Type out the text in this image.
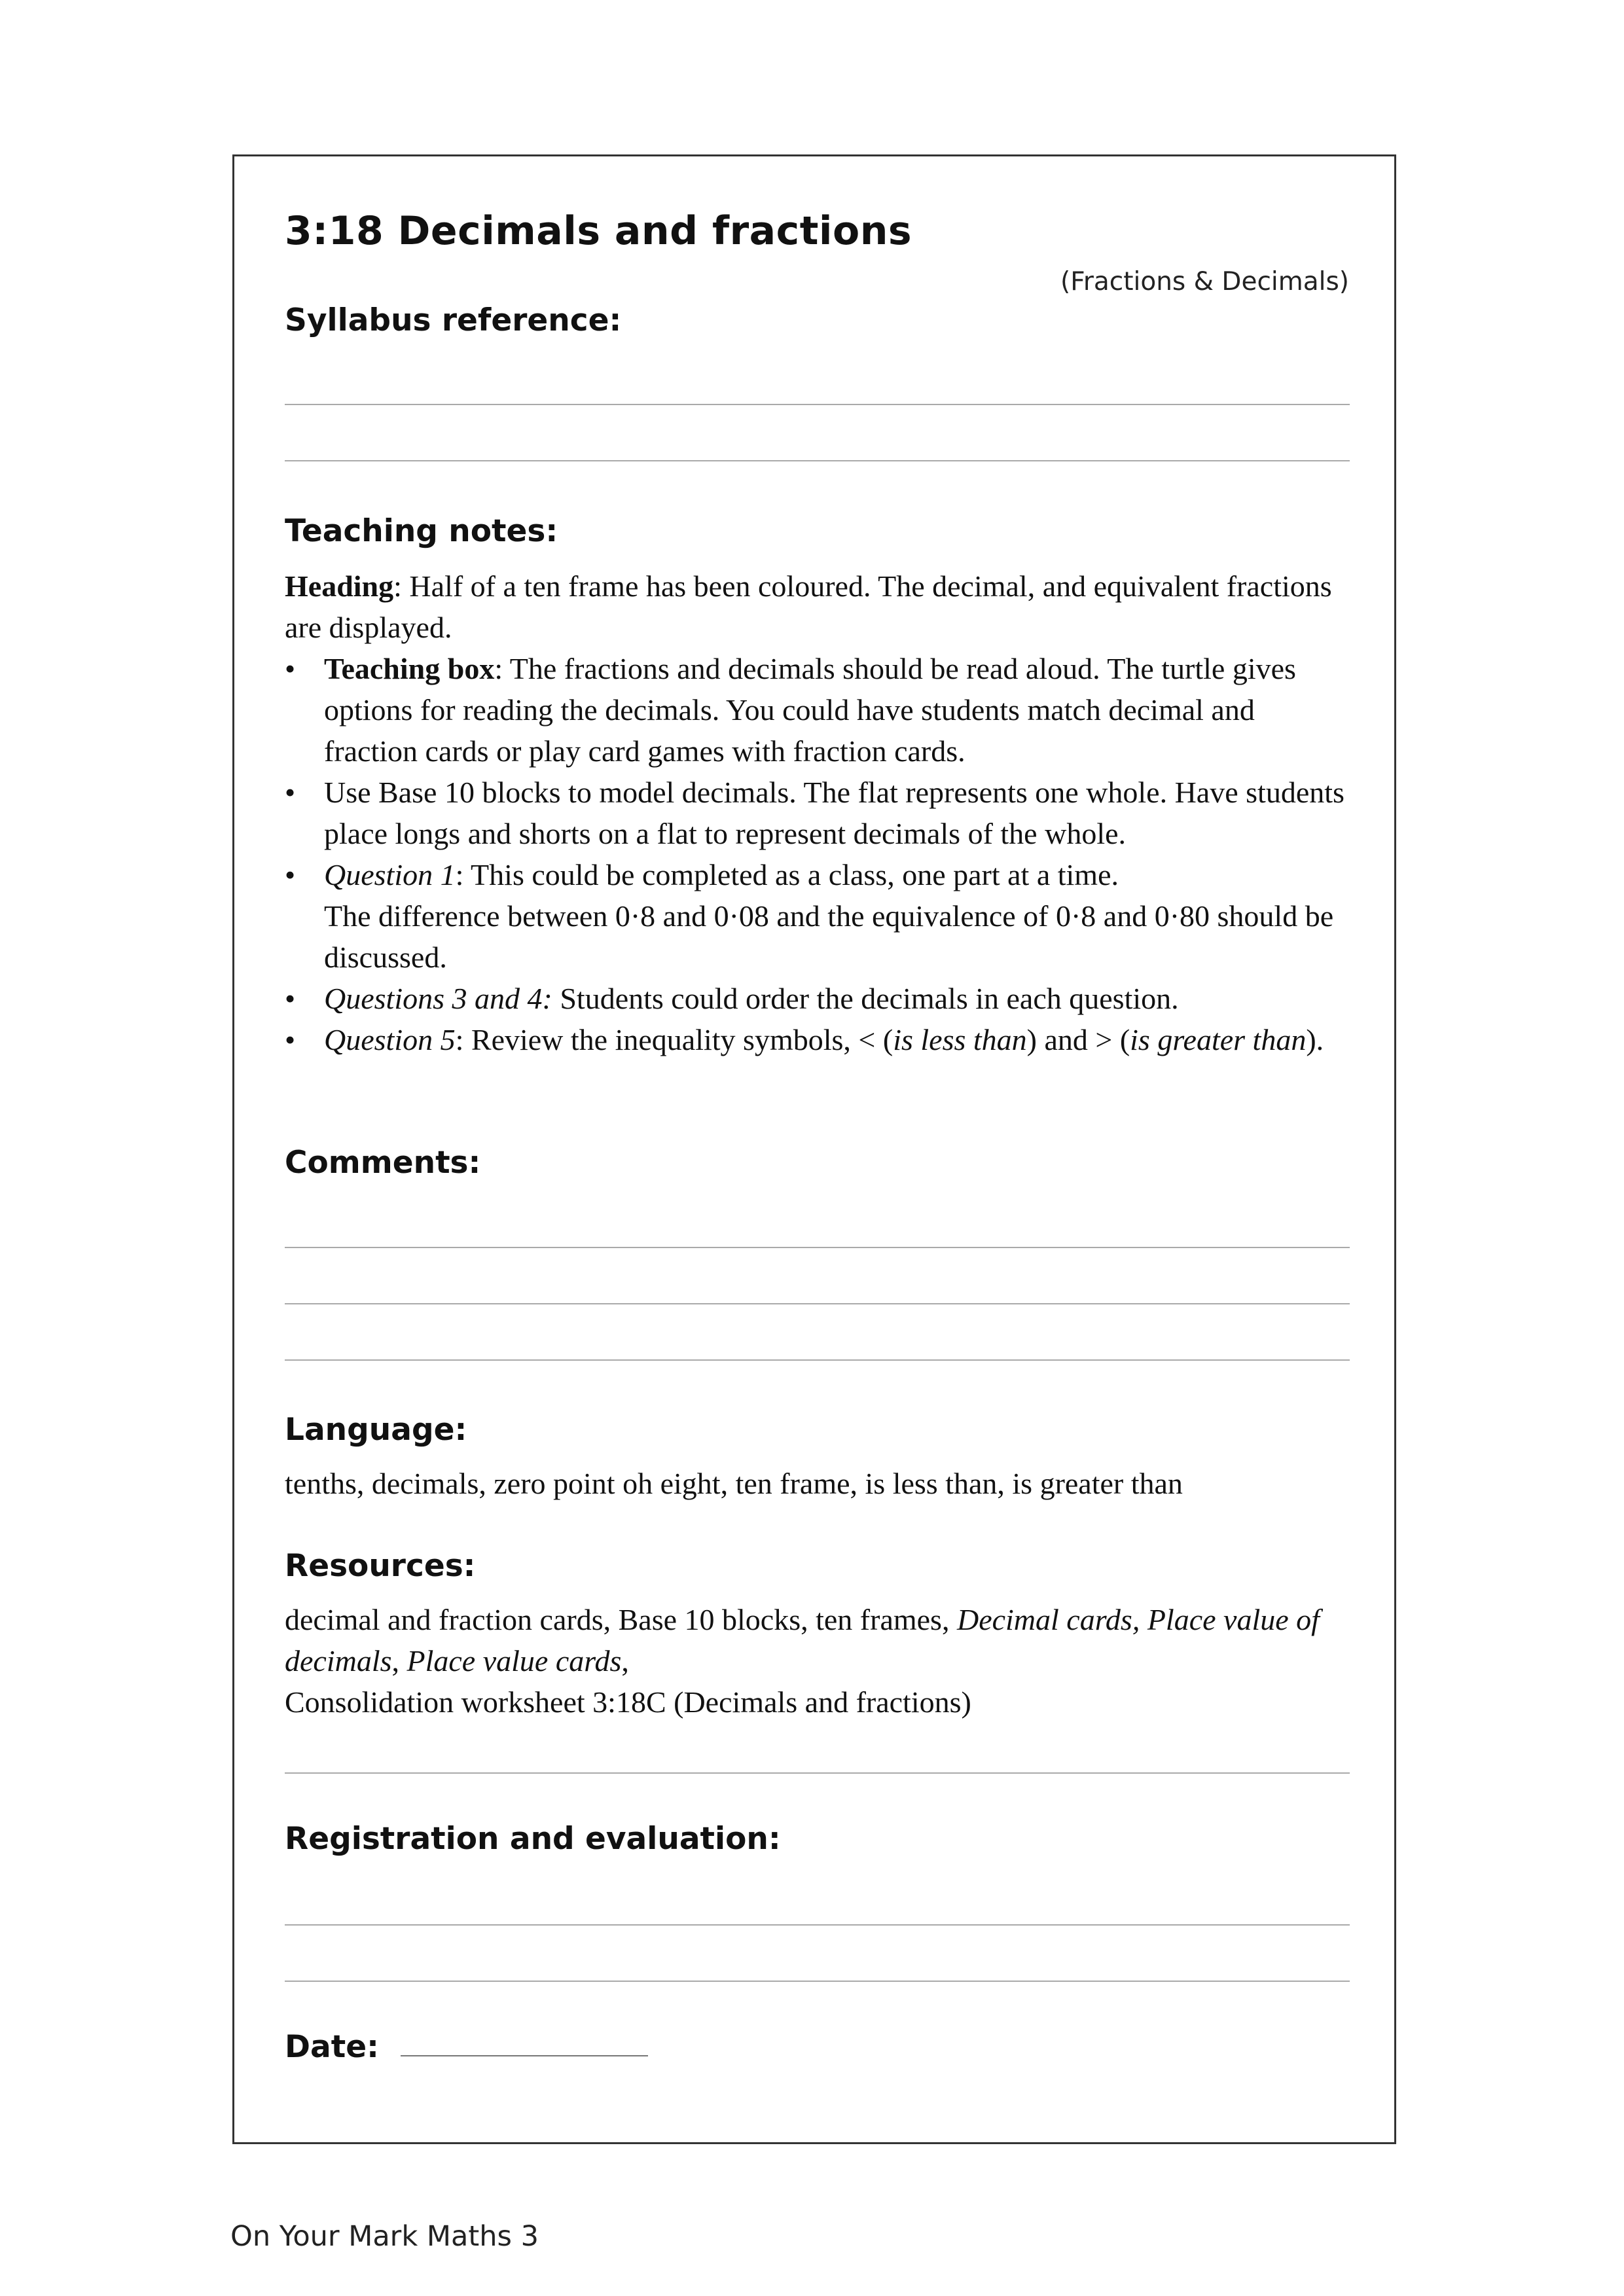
3:18 Decimals and fractions
(Fractions & Decimals)
Syllabus reference:
Teaching notes:

Heading: Half of a ten frame has been coloured. The decimal, and equivalent fractions are displayed.

• Teaching box: The fractions and decimals should be read aloud. The turtle gives options for reading the decimals. You could have students match decimal and fraction cards or play card games with fraction cards.
• Use Base 10 blocks to model decimals. The flat represents one whole. Have students place longs and shorts on a flat to represent decimals of the whole.
• Question 1: This could be completed as a class, one part at a time.
The difference between 0·8 and 0·08 and the equivalence of 0·8 and 0·80 should be discussed.
• Questions 3 and 4: Students could order the decimals in each question.
• Question 5: Review the inequality symbols, < (is less than) and > (is greater than).
Comments:
Language:
tenths, decimals, zero point oh eight, ten frame, is less than, is greater than
Resources:
decimal and fraction cards, Base 10 blocks, ten frames, Decimal cards, Place value of decimals, Place value cards,
Consolidation worksheet 3:18C (Decimals and fractions)
Registration and evaluation:
Date:
On Your Mark Maths 3
